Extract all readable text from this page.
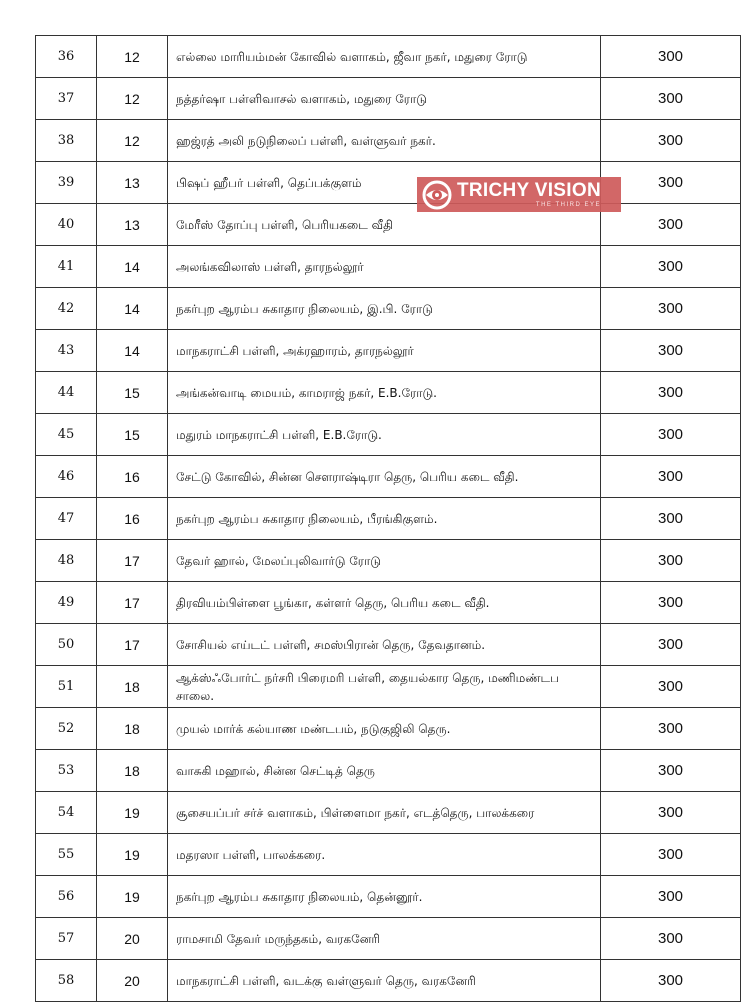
36	12	எல்லை மாரியம்மன் கோவில் வளாகம், ஜீவா நகர், மதுரை ரோடு	300
37	12	நத்தர்ஷா பள்ளிவாசல் வளாகம், மதுரை ரோடு	300
38	12	ஹஜ்ரத் அலி நடுநிலைப் பள்ளி, வள்ளுவர் நகர்.	300
39	13	பிஷப் ஹீபர் பள்ளி, தெப்பக்குளம்	300
40	13	மேரீஸ் தோப்பு பள்ளி, பெரியகடை வீதி	300
41	14	அலங்கவிலாஸ் பள்ளி, தாரநல்லூர்	300
42	14	நகர்புற ஆரம்ப சுகாதார நிலையம், இ.பி. ரோடு	300
43	14	மாநகராட்சி பள்ளி, அக்ரஹாரம், தாரநல்லூர்	300
44	15	அங்கன்வாடி மையம், காமராஜ் நகர், E.B.ரோடு.	300
45	15	மதுரம் மாநகராட்சி பள்ளி, E.B.ரோடு.	300
46	16	சேட்டு கோவில், சின்ன சௌராஷ்டிரா தெரு, பெரிய கடை வீதி.	300
47	16	நகர்புற ஆரம்ப சுகாதார நிலையம், பீரங்கிகுளம்.	300
48	17	தேவர் ஹால், மேலப்புலிவார்டு ரோடு	300
49	17	திரவியம்பிள்ளை பூங்கா, கள்ளர் தெரு, பெரிய கடை வீதி.	300
50	17	சோசியல் எய்டட் பள்ளி, சமஸ்பிரான் தெரு, தேவதானம்.	300
51	18	ஆக்ஸ்ஃபோர்ட் நர்சரி பிரைமரி பள்ளி, தையல்கார தெரு, மணிமண்டப சாலை.	300
52	18	முயல் மார்க் கல்யாண மண்டபம், நடுகுஜிலி தெரு.	300
53	18	வாசுகி மஹால், சின்ன செட்டித் தெரு	300
54	19	சூசையப்பர் சர்ச் வளாகம், பிள்ளைமா நகர், எடத்தெரு, பாலக்கரை	300
55	19	மதரஸா பள்ளி, பாலக்கரை.	300
56	19	நகர்புற ஆரம்ப சுகாதார நிலையம், தென்னூர்.	300
57	20	ராமசாமி தேவர் மருந்தகம், வரகனேரி	300
58	20	மாநகராட்சி பள்ளி, வடக்கு வள்ளுவர் தெரு, வரகனேரி	300
TRICHY VISION
THE THIRD EYE
